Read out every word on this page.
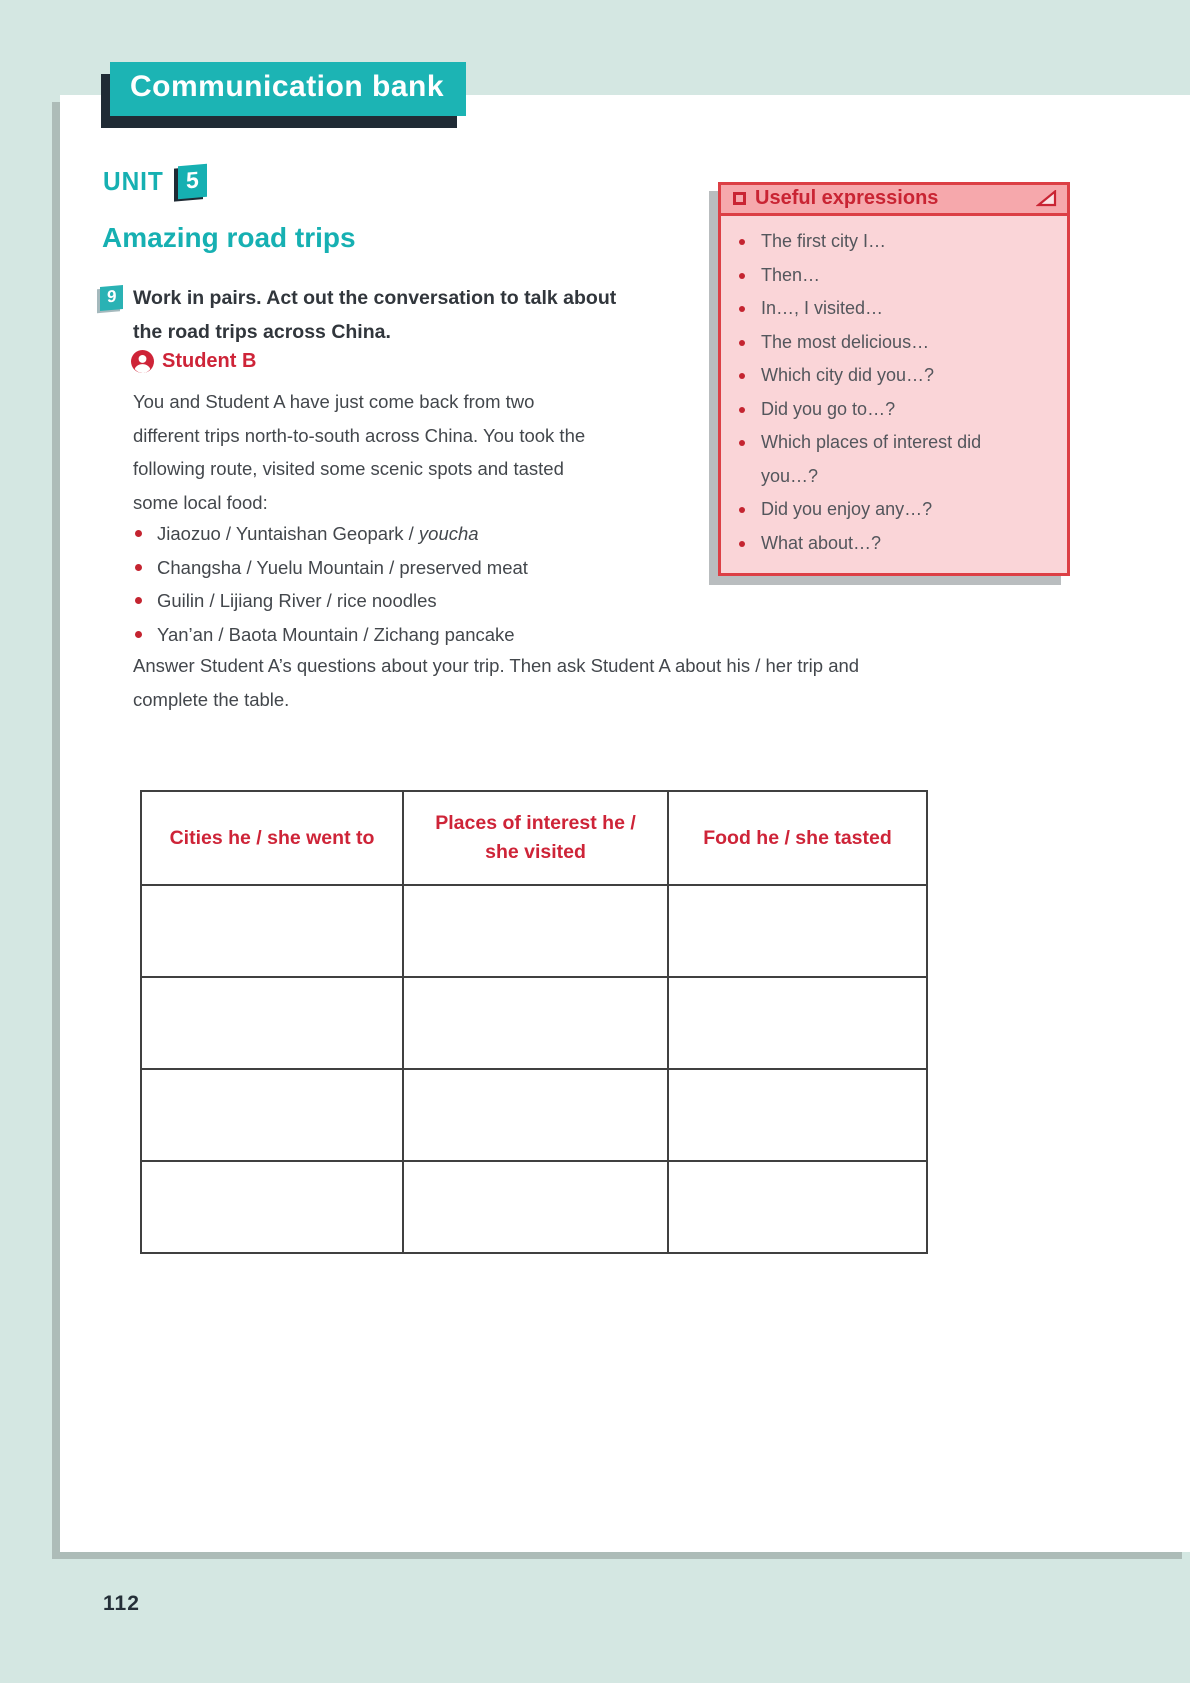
Communication bank
UNIT 5
Amazing road trips
9 Work in pairs. Act out the conversation to talk about
the road trips across China.
Student B
You and Student A have just come back from two
different trips north-to-south across China. You took the
following route, visited some scenic spots and tasted
some local food:
Jiaozuo / Yuntaishan Geopark / youcha
Changsha / Yuelu Mountain / preserved meat
Guilin / Lijiang River / rice noodles
Yan’an / Baota Mountain / Zichang pancake
Answer Student A’s questions about your trip. Then ask Student A about his / her trip and
complete the table.
Useful expressions
The first city I…
Then…
In…, I visited…
The most delicious…
Which city did you…?
Did you go to…?
Which places of interest did
you…?
Did you enjoy any…?
What about…?
Cities he / she went to	Places of interest he /
she visited	Food he / she tasted

112
